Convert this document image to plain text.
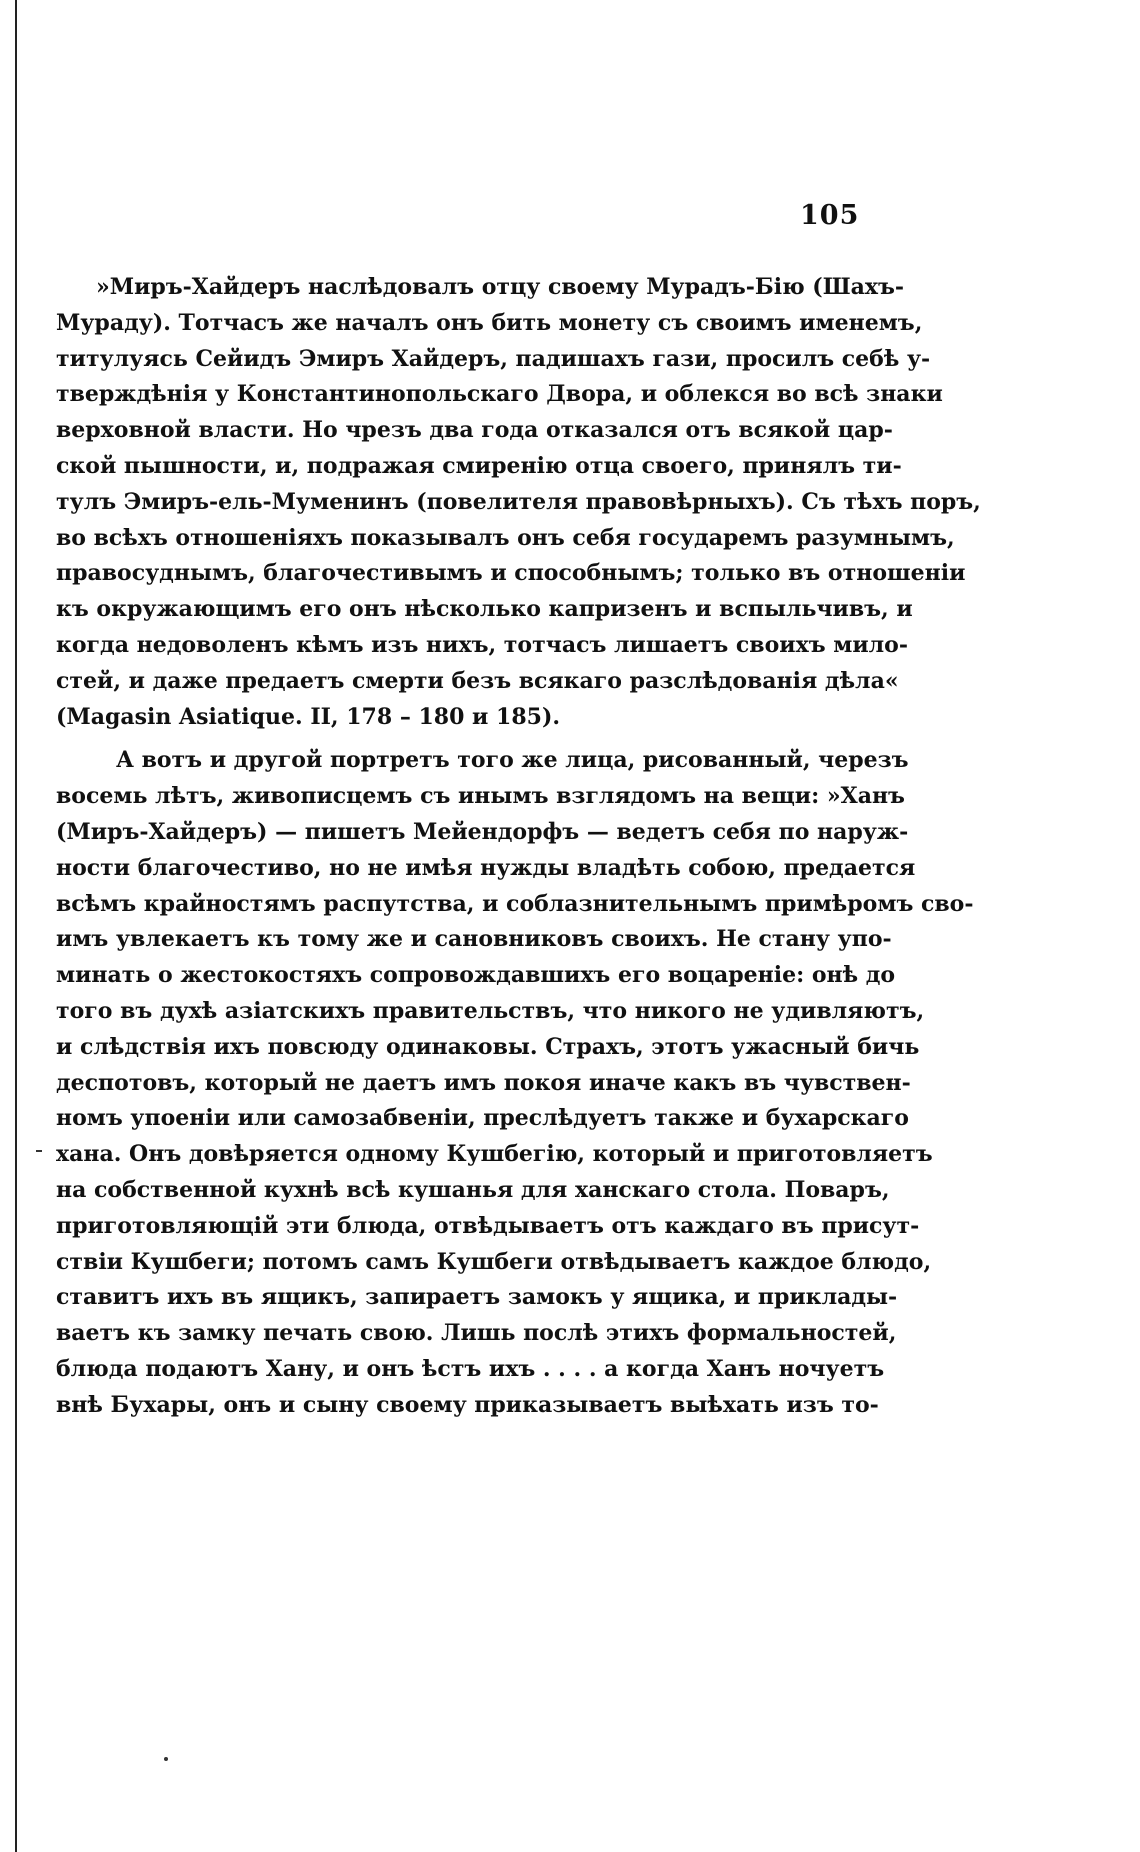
105
»Миръ-Хайдеръ наслѣдовалъ отцу своему Мурадъ-Бію (Шахъ-
Мураду). Тотчасъ же началъ онъ бить монету съ своимъ именемъ,
титулуясь Сейидъ Эмиръ Хайдеръ, падишахъ гази, просилъ себѣ у-
тверждѣнія у Константинопольскаго Двора, и облекся во всѣ знаки
верховной власти. Но чрезъ два года отказался отъ всякой цар-
ской пышности, и, подражая смиренію отца своего, принялъ ти-
тулъ Эмиръ-ель-Муменинъ (повелителя правовѣрныхъ). Съ тѣхъ поръ,
во всѣхъ отношеніяхъ показывалъ онъ себя государемъ разумнымъ,
правосуднымъ, благочестивымъ и способнымъ; только въ отношеніи
къ окружающимъ его онъ нѣсколько капризенъ и вспыльчивъ, и
когда недоволенъ кѣмъ изъ нихъ, тотчасъ лишаетъ своихъ мило-
стей, и даже предаетъ смерти безъ всякаго разслѣдованія дѣла«
(Magasin Asiatique. II, 178 – 180 и 185).
А вотъ и другой портретъ того же лица, рисованный, черезъ
восемь лѣтъ, живописцемъ съ инымъ взглядомъ на вещи: »Ханъ
(Миръ-Хайдеръ) — пишетъ Мейендорфъ — ведетъ себя по наруж-
ности благочестиво, но не имѣя нужды владѣть собою, предается
всѣмъ крайностямъ распутства, и соблазнительнымъ примѣромъ сво-
имъ увлекаетъ къ тому же и сановниковъ своихъ. Не стану упо-
минать о жестокостяхъ сопровождавшихъ его воцареніе: онѣ до
того въ духѣ азіатскихъ правительствъ, что никого не удивляютъ,
и слѣдствія ихъ повсюду одинаковы. Страхъ, этотъ ужасный бичь
деспотовъ, который не даетъ имъ покоя иначе какъ въ чувствен-
номъ упоеніи или самозабвеніи, преслѣдуетъ также и бухарскаго
хана. Онъ довѣряется одному Кушбегію, который и приготовляетъ
на собственной кухнѣ всѣ кушанья для ханскаго стола. Поваръ,
приготовляющій эти блюда, отвѣдываетъ отъ каждаго въ присут-
ствіи Кушбеги; потомъ самъ Кушбеги отвѣдываетъ каждое блюдо,
ставитъ ихъ въ ящикъ, запираетъ замокъ у ящика, и приклады-
ваетъ къ замку печать свою. Лишь послѣ этихъ формальностей,
блюда подаютъ Хану, и онъ ѣстъ ихъ . . . . а когда Ханъ ночуетъ
внѣ Бухары, онъ и сыну своему приказываетъ выѣхать изъ то-
